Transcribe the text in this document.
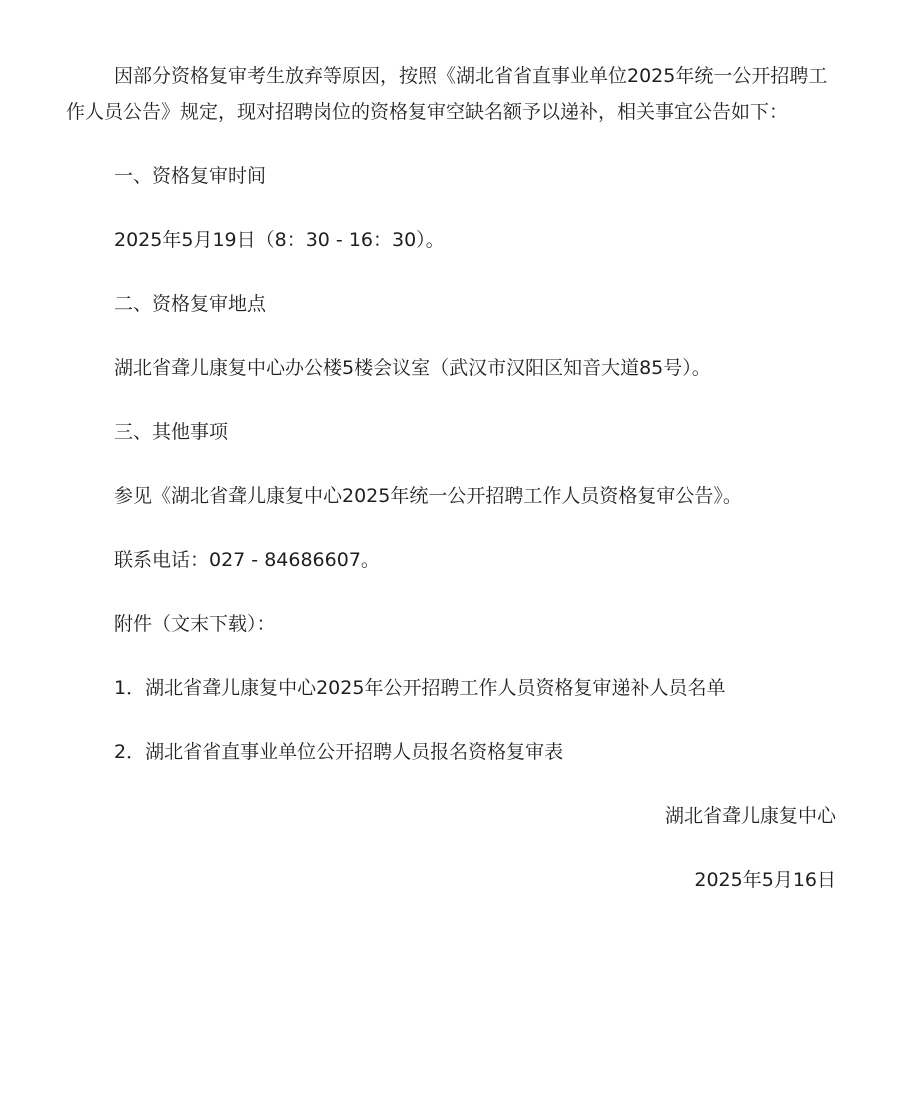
因部分资格复审考生放弃等原因，按照《湖北省省直事业单位2025年统一公开招聘工作人员公告》规定，现对招聘岗位的资格复审空缺名额予以递补，相关事宜公告如下：

一、资格复审时间

2025年5月19日（8：30 - 16：30）。

二、资格复审地点

湖北省聋儿康复中心办公楼5楼会议室（武汉市汉阳区知音大道85号）。

三、其他事项

参见《湖北省聋儿康复中心2025年统一公开招聘工作人员资格复审公告》。

联系电话：027 - 84686607。

附件（文末下载）：

1．湖北省聋儿康复中心2025年公开招聘工作人员资格复审递补人员名单

2．湖北省省直事业单位公开招聘人员报名资格复审表

湖北省聋儿康复中心

2025年5月16日
